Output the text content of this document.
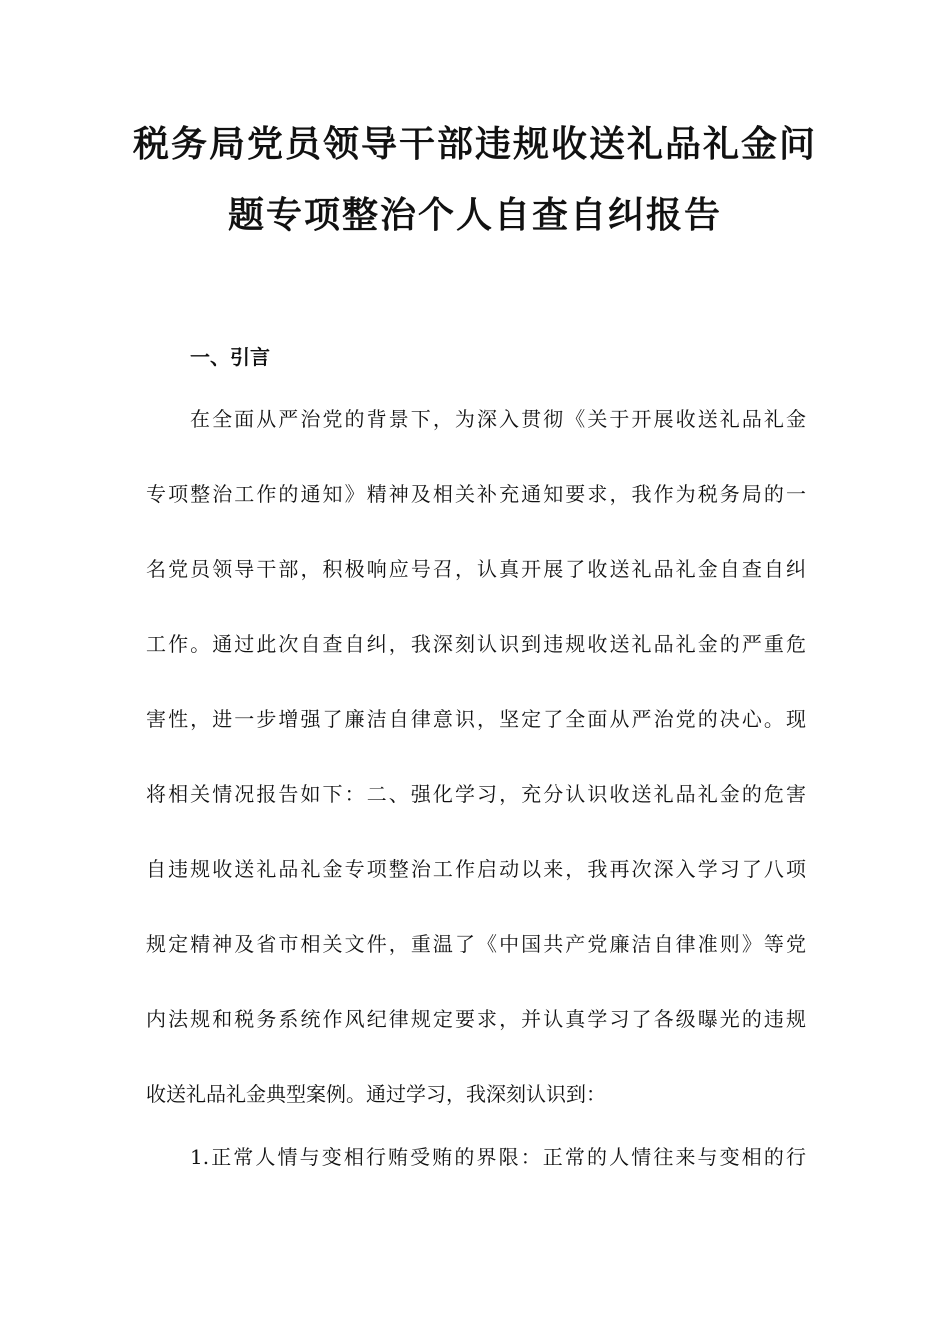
税务局党员领导干部违规收送礼品礼金问
题专项整治个人自查自纠报告
一、引言
在全面从严治党的背景下，为深入贯彻《关于开展收送礼品礼金
专项整治工作的通知》精神及相关补充通知要求，我作为税务局的一
名党员领导干部，积极响应号召，认真开展了收送礼品礼金自查自纠
工作。通过此次自查自纠，我深刻认识到违规收送礼品礼金的严重危
害性，进一步增强了廉洁自律意识，坚定了全面从严治党的决心。现
将相关情况报告如下：二、强化学习，充分认识收送礼品礼金的危害
自违规收送礼品礼金专项整治工作启动以来，我再次深入学习了八项
规定精神及省市相关文件，重温了《中国共产党廉洁自律准则》等党
内法规和税务系统作风纪律规定要求，并认真学习了各级曝光的违规
收送礼品礼金典型案例。通过学习，我深刻认识到：
1.正常人情与变相行贿受贿的界限：正常的人情往来与变相的行
